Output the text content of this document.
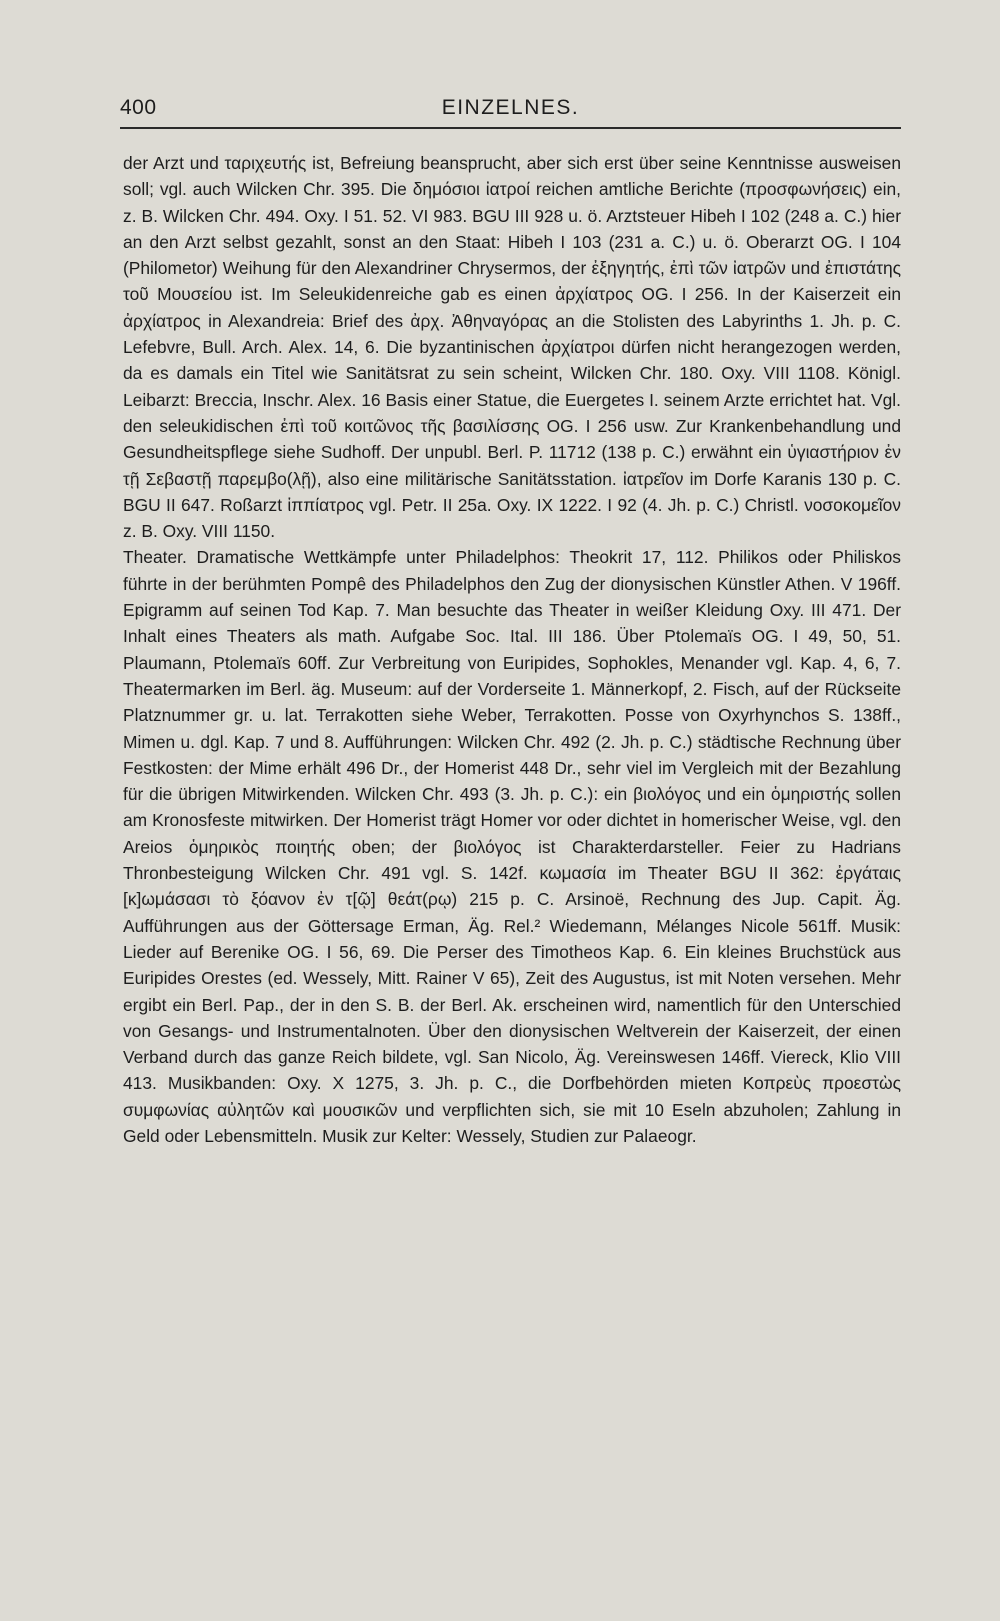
400	EINZELNES.

der Arzt und ταριχευτής ist, Befreiung beansprucht, aber sich erst über seine Kenntnisse ausweisen soll; vgl. auch Wilcken Chr. 395. Die δημόσιοι ἰατροί reichen amtliche Berichte (προσφωνήσεις) ein, z. B. Wilcken Chr. 494. Oxy. I 51. 52. VI 983. BGU III 928 u. ö. Arztsteuer Hibeh I 102 (248 a. C.) hier an den Arzt selbst gezahlt, sonst an den Staat: Hibeh I 103 (231 a. C.) u. ö. Oberarzt OG. I 104 (Philometor) Weihung für den Alexandriner Chrysermos, der ἐξηγητής, ἐπὶ τῶν ἰατρῶν und ἐπιστάτης τοῦ Μουσείου ist. Im Seleukidenreiche gab es einen ἀρχίατρος OG. I 256. In der Kaiserzeit ein ἀρχίατρος in Alexandreia: Brief des ἀρχ. Ἀθηναγόρας an die Stolisten des Labyrinths 1. Jh. p. C. Lefebvre, Bull. Arch. Alex. 14, 6. Die byzantinischen ἀρχίατροι dürfen nicht herangezogen werden, da es damals ein Titel wie Sanitätsrat zu sein scheint, Wilcken Chr. 180. Oxy. VIII 1108. Königl. Leibarzt: Breccia, Inschr. Alex. 16 Basis einer Statue, die Euergetes I. seinem Arzte errichtet hat. Vgl. den seleukidischen ἐπὶ τοῦ κοιτῶνος τῆς βασιλίσσης OG. I 256 usw. Zur Krankenbehandlung und Gesundheitspflege siehe Sudhoff. Der unpubl. Berl. P. 11712 (138 p. C.) erwähnt ein ὑγιαστήριον ἐν τῇ Σεβαστῇ παρεμβο(λῇ), also eine militärische Sanitätsstation. ἰατρεῖον im Dorfe Karanis 130 p. C. BGU II 647. Roßarzt ἱππίατρος vgl. Petr. II 25a. Oxy. IX 1222. I 92 (4. Jh. p. C.) Christl. νοσοκομεῖον z. B. Oxy. VIII 1150.

Theater. Dramatische Wettkämpfe unter Philadelphos: Theokrit 17, 112. Philikos oder Philiskos führte in der berühmten Pompê des Philadelphos den Zug der dionysischen Künstler Athen. V 196ff. Epigramm auf seinen Tod Kap. 7. Man besuchte das Theater in weißer Kleidung Oxy. III 471. Der Inhalt eines Theaters als math. Aufgabe Soc. Ital. III 186. Über Ptolemaïs OG. I 49, 50, 51. Plaumann, Ptolemaïs 60ff. Zur Verbreitung von Euripides, Sophokles, Menander vgl. Kap. 4, 6, 7. Theatermarken im Berl. äg. Museum: auf der Vorderseite 1. Männerkopf, 2. Fisch, auf der Rückseite Platznummer gr. u. lat. Terrakotten siehe Weber, Terrakotten. Posse von Oxyrhynchos S. 138ff., Mimen u. dgl. Kap. 7 und 8. Aufführungen: Wilcken Chr. 492 (2. Jh. p. C.) städtische Rechnung über Festkosten: der Mime erhält 496 Dr., der Homerist 448 Dr., sehr viel im Vergleich mit der Bezahlung für die übrigen Mitwirkenden. Wilcken Chr. 493 (3. Jh. p. C.): ein βιολόγος und ein ὁμηριστής sollen am Kronosfeste mitwirken. Der Homerist trägt Homer vor oder dichtet in homerischer Weise, vgl. den Areios ὁμηρικὸς ποιητής oben; der βιολόγος ist Charakterdarsteller. Feier zu Hadrians Thronbesteigung Wilcken Chr. 491 vgl. S. 142f. κωμασία im Theater BGU II 362: ἐργάταις [κ]ωμάσασι τὸ ξόανον ἐν τ[ῷ] θεάτ(ρῳ) 215 p. C. Arsinoë, Rechnung des Jup. Capit. Äg. Aufführungen aus der Göttersage Erman, Äg. Rel.² Wiedemann, Mélanges Nicole 561ff. Musik: Lieder auf Berenike OG. I 56, 69. Die Perser des Timotheos Kap. 6. Ein kleines Bruchstück aus Euripides Orestes (ed. Wessely, Mitt. Rainer V 65), Zeit des Augustus, ist mit Noten versehen. Mehr ergibt ein Berl. Pap., der in den S. B. der Berl. Ak. erscheinen wird, namentlich für den Unterschied von Gesangs- und Instrumentalnoten. Über den dionysischen Weltverein der Kaiserzeit, der einen Verband durch das ganze Reich bildete, vgl. San Nicolo, Äg. Vereinswesen 146ff. Viereck, Klio VIII 413. Musikbanden: Oxy. X 1275, 3. Jh. p. C., die Dorfbehörden mieten Κοπρεὺς προεστὼς συμφωνίας αὐλητῶν καὶ μουσικῶν und verpflichten sich, sie mit 10 Eseln abzuholen; Zahlung in Geld oder Lebensmitteln. Musik zur Kelter: Wessely, Studien zur Palaeogr.
